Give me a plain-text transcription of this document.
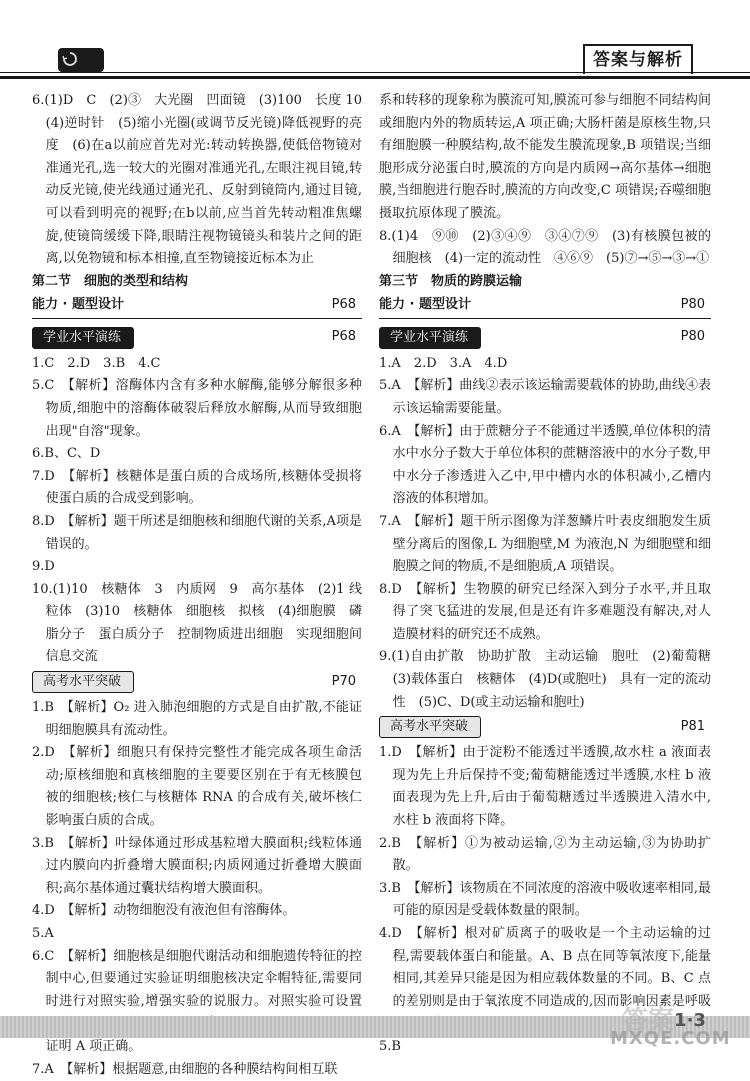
·	答案与解析

6.(1)D　C　(2)③　大光圈　凹面镜　(3)100　长度 10　(4)逆时针　(5)缩小光圈(或调节反光镜)降低视野的亮度　(6)在a以前应首先对光:转动转换器,使低倍物镜对准通光孔,选一较大的光圈对准通光孔,左眼注视目镜,转动反光镜,使光线通过通光孔、反射到镜筒内,通过目镜,可以看到明亮的视野;在b以前,应当首先转动粗准焦螺旋,使镜筒缓缓下降,眼睛注视物镜镜头和装片之间的距离,以免物镜和标本相撞,直至物镜接近标本为止

第二节　细胞的类型和结构
能力 · 题型设计	P68
学业水平演练	P68

1.C　2.D　3.B　4.C

5.C　【解析】溶酶体内含有多种水解酶,能够分解很多种物质,细胞中的溶酶体破裂后释放水解酶,从而导致细胞出现"自溶"现象。

6.B、C、D

7.D　【解析】核糖体是蛋白质的合成场所,核糖体受损将使蛋白质的合成受到影响。

8.D　【解析】题干所述是细胞核和细胞代谢的关系,A项是错误的。

9.D

10.(1)10　核糖体　3　内质网　9　高尔基体　(2)1 线粒体　(3)10　核糖体　细胞核　拟核　(4)细胞膜　磷脂分子　蛋白质分子　控制物质进出细胞　实现细胞间信息交流

高考水平突破	P70

1.B　【解析】O₂ 进入肺泡细胞的方式是自由扩散,不能证明细胞膜具有流动性。

2.D　【解析】细胞只有保持完整性才能完成各项生命活动;原核细胞和真核细胞的主要要区别在于有无核膜包被的细胞核;核仁与核糖体 RNA 的合成有关,破坏核仁影响蛋白质的合成。

3.B　【解析】叶绿体通过形成基粒增大膜面积;线粒体通过内膜向内折叠增大膜面积;内质网通过折叠增大膜面积;高尔基体通过囊状结构增大膜面积。

4.D　【解析】动物细胞没有液泡但有溶酶体。

5.A

6.C　【解析】细胞核是细胞代谢活动和细胞遗传特征的控制中心,但要通过实验证明细胞核决定伞帽特征,需要同时进行对照实验,增强实验的说服力。对照实验可设置 证明 A 项正确。

7.A　【解析】根据题意,由细胞的各种膜结构间相互联

系和转移的现象称为膜流可知,膜流可参与细胞不同结构间或细胞内外的物质转运,A 项正确;大肠杆菌是原核生物,只有细胞膜一种膜结构,故不能发生膜流现象,B 项错误;当细胞形成分泌蛋白时,膜流的方向是内质网→高尔基体→细胞膜,当细胞进行胞吞时,膜流的方向改变,C 项错误;吞噬细胞摄取抗原体现了膜流。

8.(1)4　⑨⑩　(2)③④⑨　③④⑦⑨　(3)有核膜包被的细胞核　(4)一定的流动性　④⑥⑨　(5)⑦→⑤→③→①

第三节　物质的跨膜运输
能力 · 题型设计	P80
学业水平演练	P80

1.A　2.D　3.A　4.D

5.A　【解析】曲线②表示该运输需要载体的协助,曲线④表示该运输需要能量。

6.A　【解析】由于蔗糖分子不能通过半透膜,单位体积的清水中水分子数大于单位体积的蔗糖溶液中的水分子数,甲中水分子渗透进入乙中,甲中槽内水的体积减小,乙槽内溶液的体积增加。

7.A　【解析】题干所示图像为洋葱鳞片叶表皮细胞发生质壁分离后的图像,L 为细胞壁,M 为液泡,N 为细胞壁和细胞膜之间的物质,不是细胞质,A 项错误。

8.D　【解析】生物膜的研究已经深入到分子水平,并且取得了突飞猛进的发展,但是还有许多难题没有解决,对人造膜材料的研究还不成熟。

9.(1)自由扩散　协助扩散　主动运输　胞吐　(2)葡萄糖　(3)载体蛋白　核糖体　(4)D(或胞吐)　具有一定的流动性　(5)C、D(或主动运输和胞吐)

高考水平突破	P81

1.D　【解析】由于淀粉不能透过半透膜,故水柱 a 液面表现为先上升后保持不变;葡萄糖能透过半透膜,水柱 b 液面表现为先上升,后由于葡萄糖透过半透膜进入清水中,水柱 b 液面将下降。

2.B　【解析】①为被动运输,②为主动运输,③为协助扩散。

3.B　【解析】该物质在不同浓度的溶液中吸收速率相同,最可能的原因是受载体数量的限制。

4.D　【解析】根对矿质离子的吸收是一个主动运输的过程,需要载体蛋白和能量。A、B 点在同等氧浓度下,能量相同,其差异只能是因为相应载体数量的不同。B、C 点的差别则是由于氧浓度不同造成的,因而影响因素是呼吸

5.B

答案 1·3
MXQE.COM
